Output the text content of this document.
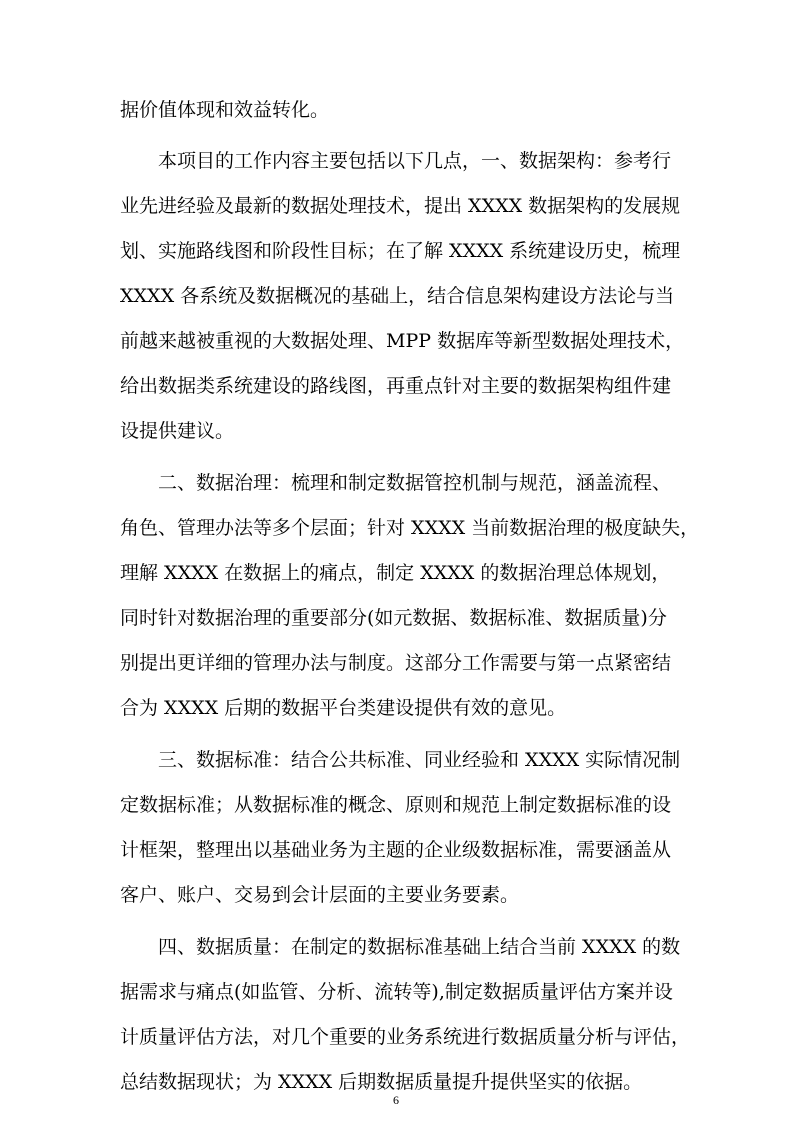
据价值体现和效益转化。
本项目的工作内容主要包括以下几点，一、数据架构：参考行
业先进经验及最新的数据处理技术，提出 XXXX 数据架构的发展规
划、实施路线图和阶段性目标；在了解 XXXX 系统建设历史，梳理
XXXX 各系统及数据概况的基础上，结合信息架构建设方法论与当
前越来越被重视的大数据处理、MPP 数据库等新型数据处理技术，
给出数据类系统建设的路线图，再重点针对主要的数据架构组件建
设提供建议。
二、数据治理：梳理和制定数据管控机制与规范，涵盖流程、
角色、管理办法等多个层面；针对 XXXX 当前数据治理的极度缺失，
理解 XXXX 在数据上的痛点，制定 XXXX 的数据治理总体规划，
同时针对数据治理的重要部分(如元数据、数据标准、数据质量)分
别提出更详细的管理办法与制度。这部分工作需要与第一点紧密结
合为 XXXX 后期的数据平台类建设提供有效的意见。
三、数据标准：结合公共标准、同业经验和 XXXX 实际情况制
定数据标准；从数据标准的概念、原则和规范上制定数据标准的设
计框架，整理出以基础业务为主题的企业级数据标准，需要涵盖从
客户、账户、交易到会计层面的主要业务要素。
四、数据质量：在制定的数据标准基础上结合当前 XXXX 的数
据需求与痛点(如监管、分析、流转等),制定数据质量评估方案并设
计质量评估方法，对几个重要的业务系统进行数据质量分析与评估，
总结数据现状；为 XXXX 后期数据质量提升提供坚实的依据。
6
